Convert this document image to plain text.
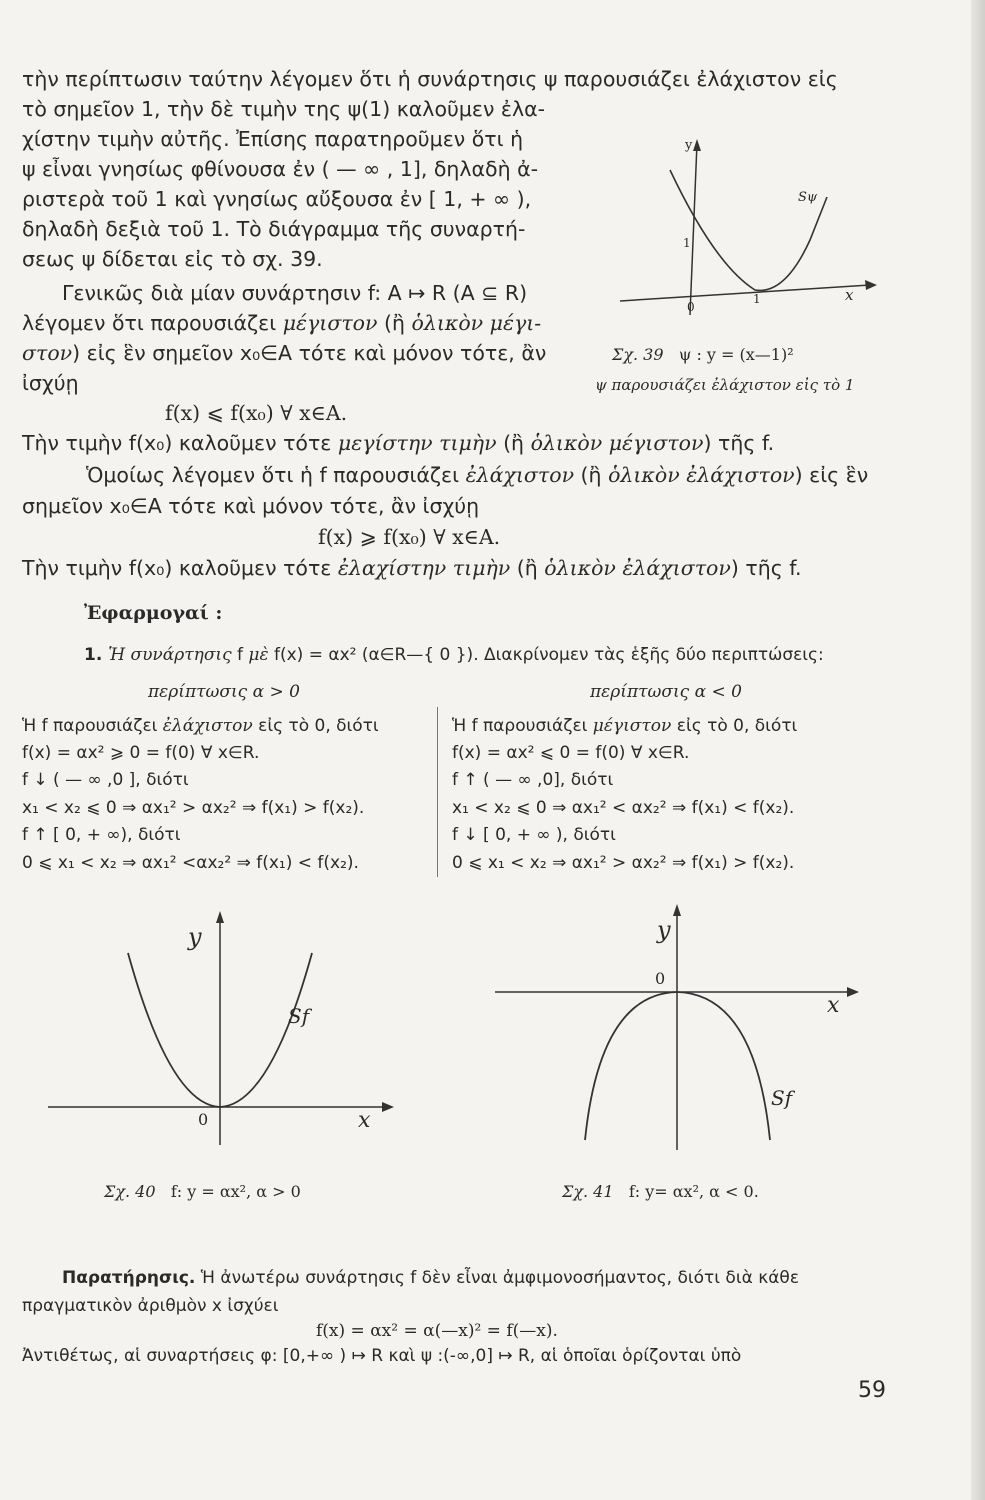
τὴν περίπτωσιν ταύτην λέγομεν ὅτι ἡ συνάρτησις ψ παρουσιάζει ἐλάχιστον εἰς
τὸ σημεῖον 1, τὴν δὲ τιμὴν της ψ(1) καλοῦμεν ἐλα-
χίστην τιμὴν αὐτῆς. Ἐπίσης παρατηροῦμεν ὅτι ἡ
ψ εἶναι γνησίως φθίνουσα ἐν ( — ∞ , 1], δηλαδὴ ἀ-
ριστερὰ τοῦ 1 καὶ γνησίως αὔξουσα ἐν [ 1, + ∞ ),
δηλαδὴ δεξιὰ τοῦ 1. Τὸ διάγραμμα τῆς συναρτή-
σεως ψ δίδεται εἰς τὸ σχ. 39.
Γενικῶς διὰ μίαν συνάρτησιν f: A ↦ R (A ⊆ R)
λέγομεν ὅτι παρουσιάζει μέγιστον (ἢ ὁλικὸν μέγι-
στον) εἰς ἓν σημεῖον x₀∈A τότε καὶ μόνον τότε, ἂν
ἰσχύῃ
f(x) ⩽ f(x₀) ∀ x∈A.
Τὴν τιμὴν f(x₀) καλοῦμεν τότε μεγίστην τιμὴν (ἢ ὁλικὸν μέγιστον) τῆς f.
Ὁμοίως λέγομεν ὅτι ἡ f παρουσιάζει ἐλάχιστον (ἢ ὁλικὸν ἐλάχιστον) εἰς ἓν
σημεῖον x₀∈A τότε καὶ μόνον τότε, ἂν ἰσχύῃ
f(x) ⩾ f(x₀) ∀ x∈A.
Τὴν τιμὴν f(x₀) καλοῦμεν τότε ἐλαχίστην τιμὴν (ἢ ὁλικὸν ἐλάχιστον) τῆς f.
y
x
0
1
1
Sψ
Σχ. 39 ψ : y = (x—1)²
ψ παρουσιάζει ἐλάχιστον εἰς τὸ 1
Ἐφαρμογαί :
1. Ἡ συνάρτησις f μὲ f(x) = αx² (α∈R—{ 0 }). Διακρίνομεν τὰς ἑξῆς δύο περιπτώσεις:
περίπτωσις α > 0	περίπτωσις α < 0
Ἡ f παρουσιάζει ἐλάχιστον εἰς τὸ 0, διότι
f(x) = αx² ⩾ 0 = f(0) ∀ x∈R.
f ↓ ( — ∞ ,0 ], διότι
x₁ < x₂ ⩽ 0 ⇒ αx₁² > αx₂² ⇒ f(x₁) > f(x₂).
f ↑ [ 0, + ∞), διότι
0 ⩽ x₁ < x₂ ⇒ αx₁² <αx₂² ⇒ f(x₁) < f(x₂).
Ἡ f παρουσιάζει μέγιστον εἰς τὸ 0, διότι
f(x) = αx² ⩽ 0 = f(0) ∀ x∈R.
f ↑ ( — ∞ ,0], διότι
x₁ < x₂ ⩽ 0 ⇒ αx₁² < αx₂² ⇒ f(x₁) < f(x₂).
f ↓ [ 0, + ∞ ), διότι
0 ⩽ x₁ < x₂ ⇒ αx₁² > αx₂² ⇒ f(x₁) > f(x₂).
y
x
0
Sf
Σχ. 40 f: y = αx², α > 0
y
x
0
Sf
Σχ. 41 f: y= αx², α < 0.
Παρατήρησις. Ἡ ἀνωτέρω συνάρτησις f δὲν εἶναι ἀμφιμονοσήμαντος, διότι διὰ κάθε
πραγματικὸν ἀριθμὸν x ἰσχύει
f(x) = αx² = α(—x)² = f(—x).
Ἀντιθέτως, αἱ συναρτήσεις φ: [0,+∞ ) ↦ R καὶ ψ :(-∞,0] ↦ R, αἱ ὁποῖαι ὁρίζονται ὑπὸ
59
